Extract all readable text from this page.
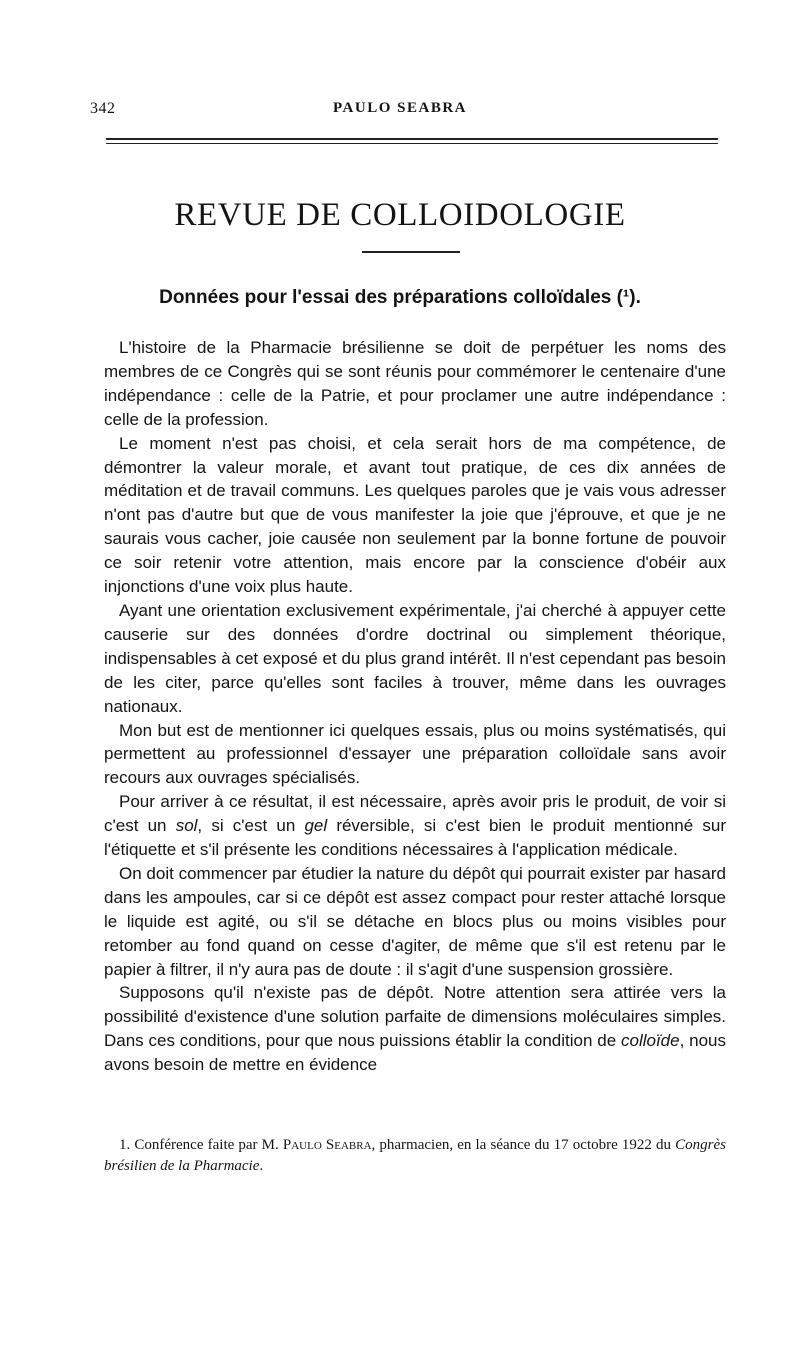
342	PAULO SEABRA
REVUE DE COLLOIDOLOGIE
Données pour l'essai des préparations colloïdales (¹).

L'histoire de la Pharmacie brésilienne se doit de perpétuer les noms des membres de ce Congrès qui se sont réunis pour commémorer le centenaire d'une indépendance : celle de la Patrie, et pour proclamer une autre indépendance : celle de la profession.

Le moment n'est pas choisi, et cela serait hors de ma compétence, de démontrer la valeur morale, et avant tout pratique, de ces dix années de méditation et de travail communs. Les quelques paroles que je vais vous adresser n'ont pas d'autre but que de vous manifester la joie que j'éprouve, et que je ne saurais vous cacher, joie causée non seulement par la bonne fortune de pouvoir ce soir retenir votre attention, mais encore par la conscience d'obéir aux injonctions d'une voix plus haute.

Ayant une orientation exclusivement expérimentale, j'ai cherché à appuyer cette causerie sur des données d'ordre doctrinal ou simplement théorique, indispensables à cet exposé et du plus grand intérêt. Il n'est cependant pas besoin de les citer, parce qu'elles sont faciles à trouver, même dans les ouvrages nationaux.

Mon but est de mentionner ici quelques essais, plus ou moins systématisés, qui permettent au professionnel d'essayer une préparation colloïdale sans avoir recours aux ouvrages spécialisés.

Pour arriver à ce résultat, il est nécessaire, après avoir pris le produit, de voir si c'est un sol, si c'est un gel réversible, si c'est bien le produit mentionné sur l'étiquette et s'il présente les conditions nécessaires à l'application médicale.

On doit commencer par étudier la nature du dépôt qui pourrait exister par hasard dans les ampoules, car si ce dépôt est assez compact pour rester attaché lorsque le liquide est agité, ou s'il se détache en blocs plus ou moins visibles pour retomber au fond quand on cesse d'agiter, de même que s'il est retenu par le papier à filtrer, il n'y aura pas de doute : il s'agit d'une suspension grossière.

Supposons qu'il n'existe pas de dépôt. Notre attention sera attirée vers la possibilité d'existence d'une solution parfaite de dimensions moléculaires simples. Dans ces conditions, pour que nous puissions établir la condition de colloïde, nous avons besoin de mettre en évidence

1. Conférence faite par M. Paulo Seabra, pharmacien, en la séance du 17 octobre 1922 du Congrès brésilien de la Pharmacie.
